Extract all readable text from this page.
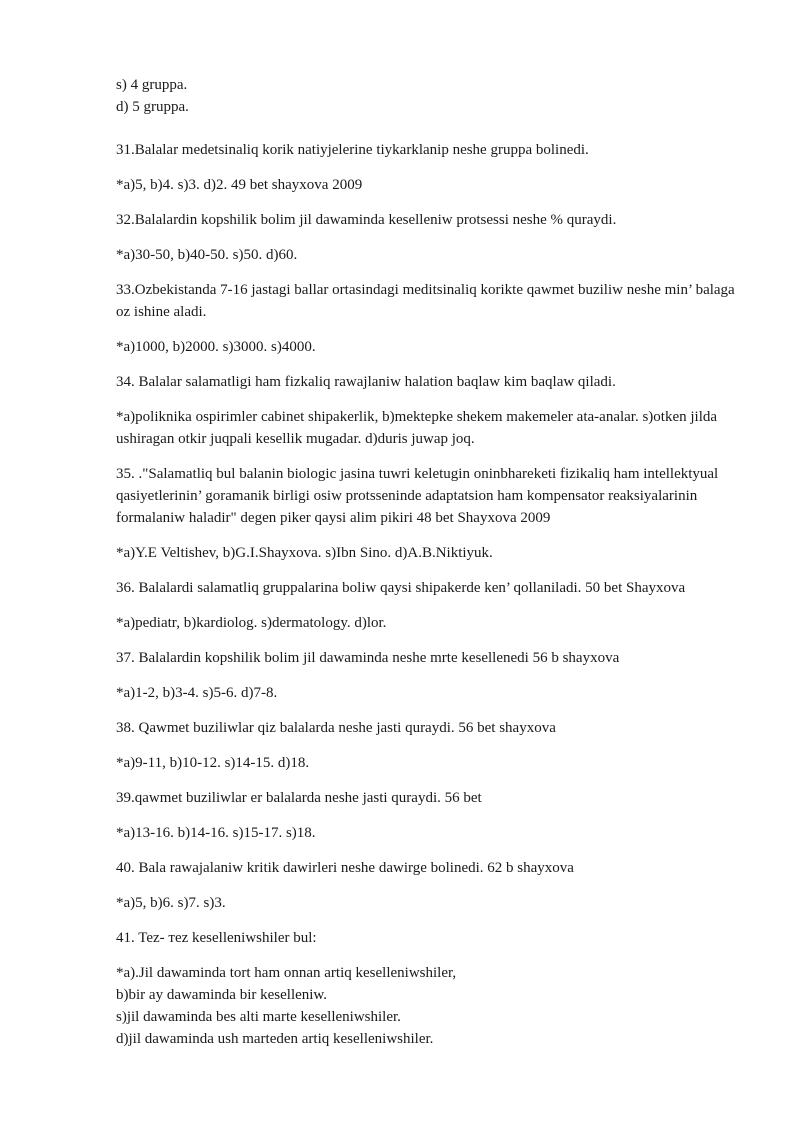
s) 4 gruppa.
d) 5 gruppa.

31.Balalar medetsinaliq korik natiyjelerine tiykarklanip neshe gruppa bolinedi.

*a)5, b)4. s)3. d)2. 49 bet shayxova 2009

32.Balalardin kopshilik bolim jil dawaminda keselleniw protsessi neshe % quraydi.

*a)30-50, b)40-50. s)50. d)60.

33.Ozbekistanda 7-16 jastagi ballar ortasindagi meditsinaliq korikte qawmet buziliw neshe min’ balaga oz ishine aladi.

*a)1000, b)2000. s)3000. s)4000.

34. Balalar salamatligi ham fizkaliq rawajlaniw halation baqlaw kim baqlaw qiladi.

*a)poliknika ospirimler cabinet shipakerlik, b)mektepke shekem makemeler ata-analar. s)otken jilda ushiragan otkir juqpali kesellik mugadar. d)duris juwap joq.

35. ."Salamatliq bul balanin biologic jasina tuwri keletugin oninbhareketi fizikaliq ham intellektyual qasiyetlerinin’ goramanik birligi osiw protsseninde adaptatsion ham kompensator reaksiyalarinin formalaniw haladir" degen piker qaysi alim pikiri 48 bet Shayxova 2009

*a)Y.E Veltishev, b)G.I.Shayxova. s)Ibn Sino. d)A.B.Niktiyuk.

36. Balalardi salamatliq gruppalarina boliw qaysi shipakerde ken’ qollaniladi. 50 bet Shayxova

*a)pediatr, b)kardiolog. s)dermatology. d)lor.

37. Balalardin kopshilik bolim jil dawaminda neshe mrte kesellenedi 56 b shayxova

*a)1-2, b)3-4. s)5-6. d)7-8.

38. Qawmet buziliwlar qiz balalarda neshe jasti quraydi. 56 bet shayxova

*a)9-11, b)10-12. s)14-15. d)18.

39.qawmet buziliwlar er balalarda neshe jasti quraydi. 56 bet

*a)13-16. b)14-16. s)15-17. s)18.

40. Bala rawajalaniw kritik dawirleri neshe dawirge bolinedi. 62 b shayxova

*a)5, b)6. s)7. s)3.

41. Tez- тez keselleniwshiler bul:

*a).Jil dawaminda tort ham onnan artiq keselleniwshiler,
b)bir ay dawaminda bir keselleniw.
s)jil dawaminda bes alti marte keselleniwshiler.
d)jil dawaminda ush marteden artiq keselleniwshiler.
